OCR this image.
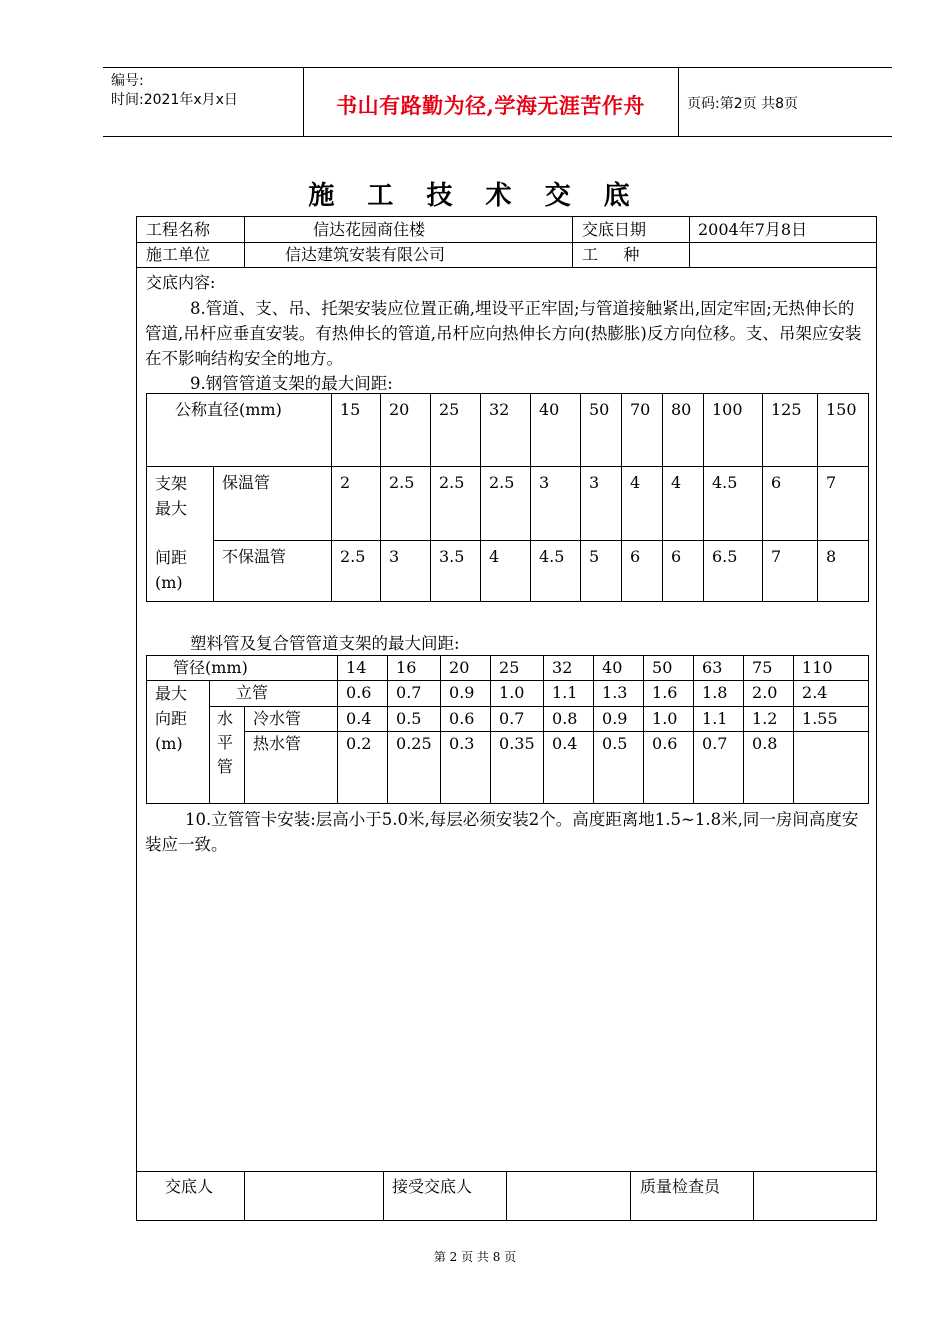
编号:
时间:2021年x月x日	书山有路勤为径,学海无涯苦作舟	页码:第2页 共8页
施 工 技 术 交 底
工程名称	信达花园商住楼	交底日期	2004年7月8日
施工单位	信达建筑安装有限公司	工     种
交底内容:
8.管道、支、吊、托架安装应位置正确,埋设平正牢固;与管道接触紧出,固定牢固;无热伸长的管道,吊杆应垂直安装。有热伸长的管道,吊杆应向热伸长方向(热膨胀)反方向位移。支、吊架应安装在不影响结构安全的地方。
9.钢管管道支架的最大间距:
公称直径(mm)		15	20	25	32	40	50	70	80	100	125	150

支架最大
间距(m)	保温管	2	2.5	2.5	2.5	3	3	4	4	4.5	6	7
	不保温管	2.5	3	3.5	4	4.5	5	6	6	6.5	7	8
塑料管及复合管管道支架的最大间距:
管径(mm)			14	16	20	25	32	40	50	63	75	110

最大向距(m)	立管		0.6	0.7	0.9	1.0	1.1	1.3	1.6	1.8	2.0	2.4

	水平管	冷水管	0.4	0.5	0.6	0.7	0.8	0.9	1.0	1.1	1.2	1.55
		热水管	0.2	0.25	0.3	0.35	0.4	0.5	0.6	0.7	0.8	
10.立管管卡安装:层高小于5.0米,每层必须安装2个。高度距离地1.5~1.8米,同一房间高度安装应一致。
交底人	接受交底人	质量检查员
第 2 页 共 8 页
